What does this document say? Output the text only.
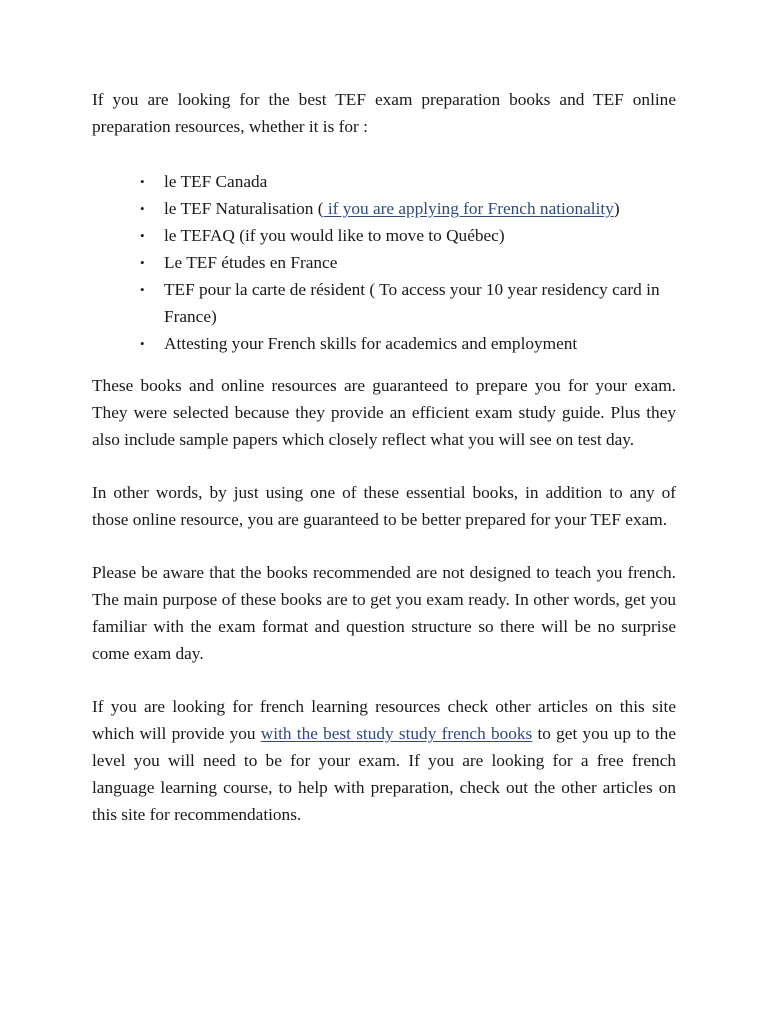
If you are looking for the best TEF exam preparation books and TEF online preparation resources, whether it is for :

• le TEF Canada
• le TEF Naturalisation ( if you are applying for French nationality)
• le TEFAQ (if you would like to move to Québec)
• Le TEF études en France
• TEF pour la carte de résident ( To access your 10 year residency card in France)
• Attesting your French skills for academics and employment

These books and online resources are guaranteed to prepare you for your exam. They were selected because they provide an efficient exam study guide. Plus they also include sample papers which closely reflect what you will see on test day.

In other words, by just using one of these essential books, in addition to any of those online resource, you are guaranteed to be better prepared for your TEF exam.

Please be aware that the books recommended are not designed to teach you french. The main purpose of these books are to get you exam ready. In other words, get you familiar with the exam format and question structure so there will be no surprise come exam day.

If you are looking for french learning resources check other articles on this site which will provide you with the best study study french books to get you up to the level you will need to be for your exam. If you are looking for a free french language learning course, to help with preparation, check out the other articles on this site for recommendations.
